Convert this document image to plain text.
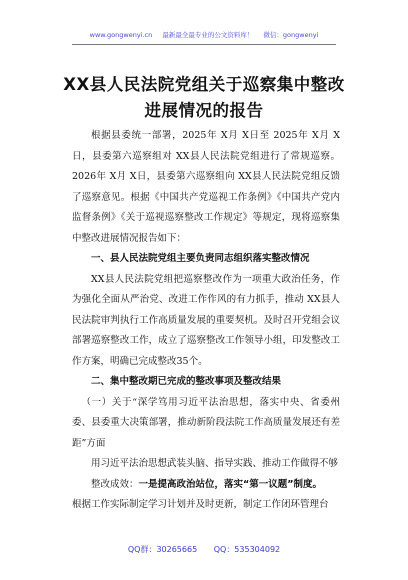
www.gongwenyi.cn 最新最全最专业的公文资料库！ 微信：gongwenyi
XX县人民法院党组关于巡察集中整改进展情况的报告

根据县委统一部署，2025年 X月 X日至 2025年 X月 X日，县委第六巡察组对 XX县人民法院党组进行了常规巡察。2026年 X月 X日，县委第六巡察组向 XX县人民法院党组反馈了巡察意见。根据《中国共产党巡视工作条例》《中国共产党内监督条例》《关于巡视巡察整改工作规定》等规定，现将巡察集中整改进展情况报告如下：

一、县人民法院党组主要负责同志组织落实整改情况

XX县人民法院党组把巡察整改作为一项重大政治任务，作为强化全面从严治党、改进工作作风的有力抓手，推动 XX县人民法院审判执行工作高质量发展的重要契机。及时召开党组会议部署巡察整改工作，成立了巡察整改工作领导小组，印发整改工作方案，明确已完成整改35个。

二、集中整改期已完成的整改事项及整改结果

（一）关于“深学笃用习近平法治思想，落实中央、省委州委、县委重大决策部署，推动新阶段法院工作高质量发展还有差距”方面

用习近平法治思想武装头脑、指导实践、推动工作做得不够

整改成效：一是提高政治站位，落实“第一议题”制度。

根据工作实际制定学习计划并及时更新，制定工作闭环管理台

QQ群：30265665 QQ：535304092
